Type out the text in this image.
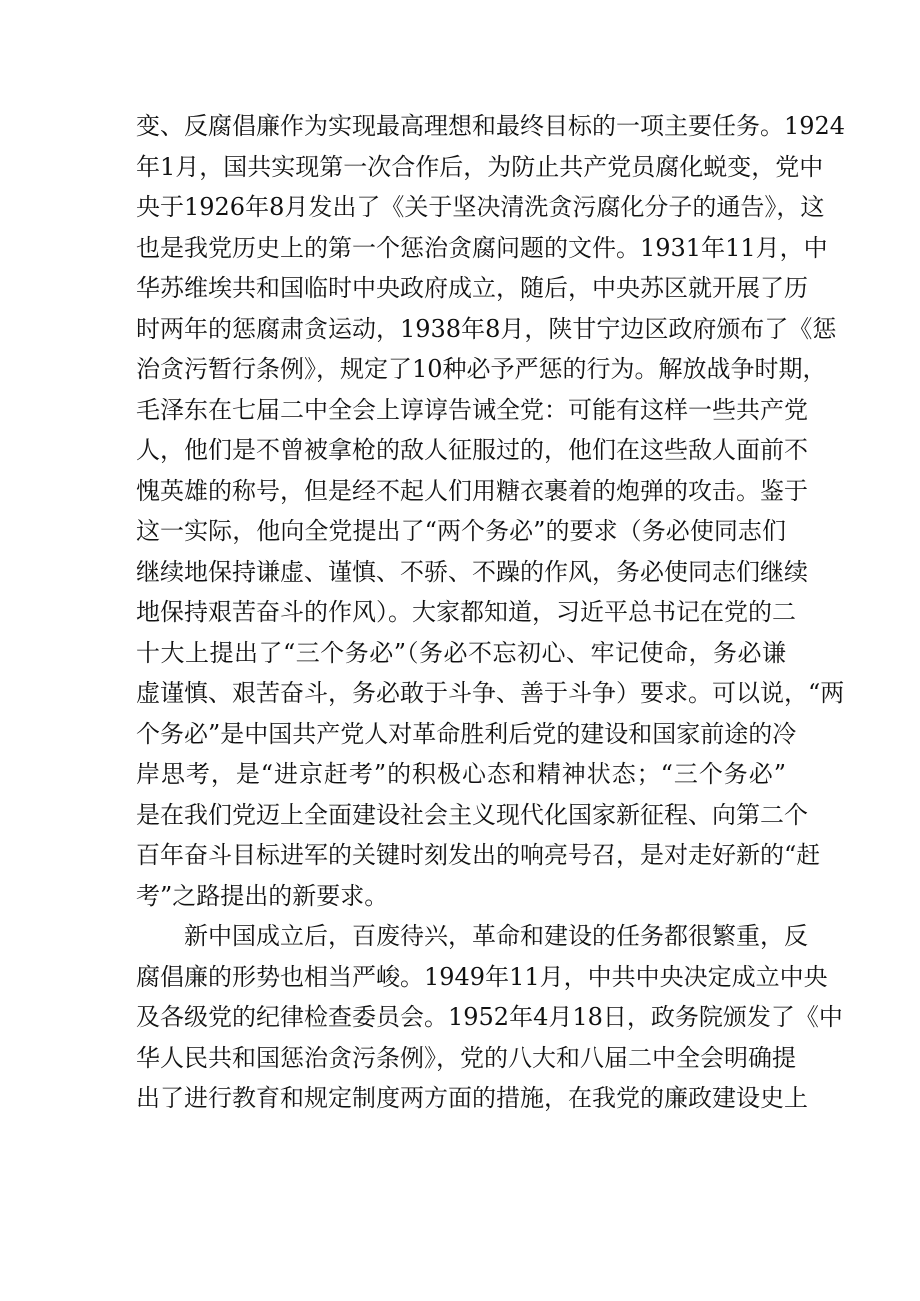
变、反腐倡廉作为实现最高理想和最终目标的一项主要任务。1924
年1月，国共实现第一次合作后，为防止共产党员腐化蜕变，党中
央于1926年8月发出了《关于坚决清洗贪污腐化分子的通告》，这
也是我党历史上的第一个惩治贪腐问题的文件。1931年11月，中
华苏维埃共和国临时中央政府成立，随后，中央苏区就开展了历
时两年的惩腐肃贪运动，1938年8月，陕甘宁边区政府颁布了《惩
治贪污暂行条例》，规定了10种必予严惩的行为。解放战争时期，
毛泽东在七届二中全会上谆谆告诫全党：可能有这样一些共产党
人，他们是不曾被拿枪的敌人征服过的，他们在这些敌人面前不
愧英雄的称号，但是经不起人们用糖衣裹着的炮弹的攻击。鉴于
这一实际，他向全党提出了“两个务必”的要求（务必使同志们
继续地保持谦虚、谨慎、不骄、不躁的作风，务必使同志们继续
地保持艰苦奋斗的作风）。大家都知道，习近平总书记在党的二
十大上提出了“三个务必”（务必不忘初心、牢记使命，务必谦
虚谨慎、艰苦奋斗，务必敢于斗争、善于斗争）要求。可以说，“两
个务必”是中国共产党人对革命胜利后党的建设和国家前途的冷
岸思考，是“进京赶考”的积极心态和精神状态；“三个务必”
是在我们党迈上全面建设社会主义现代化国家新征程、向第二个
百年奋斗目标进军的关键时刻发出的响亮号召，是对走好新的“赶
考”之路提出的新要求。
新中国成立后，百废待兴，革命和建设的任务都很繁重，反
腐倡廉的形势也相当严峻。1949年11月，中共中央决定成立中央
及各级党的纪律检查委员会。1952年4月18日，政务院颁发了《中
华人民共和国惩治贪污条例》，党的八大和八届二中全会明确提
出了进行教育和规定制度两方面的措施，在我党的廉政建设史上
